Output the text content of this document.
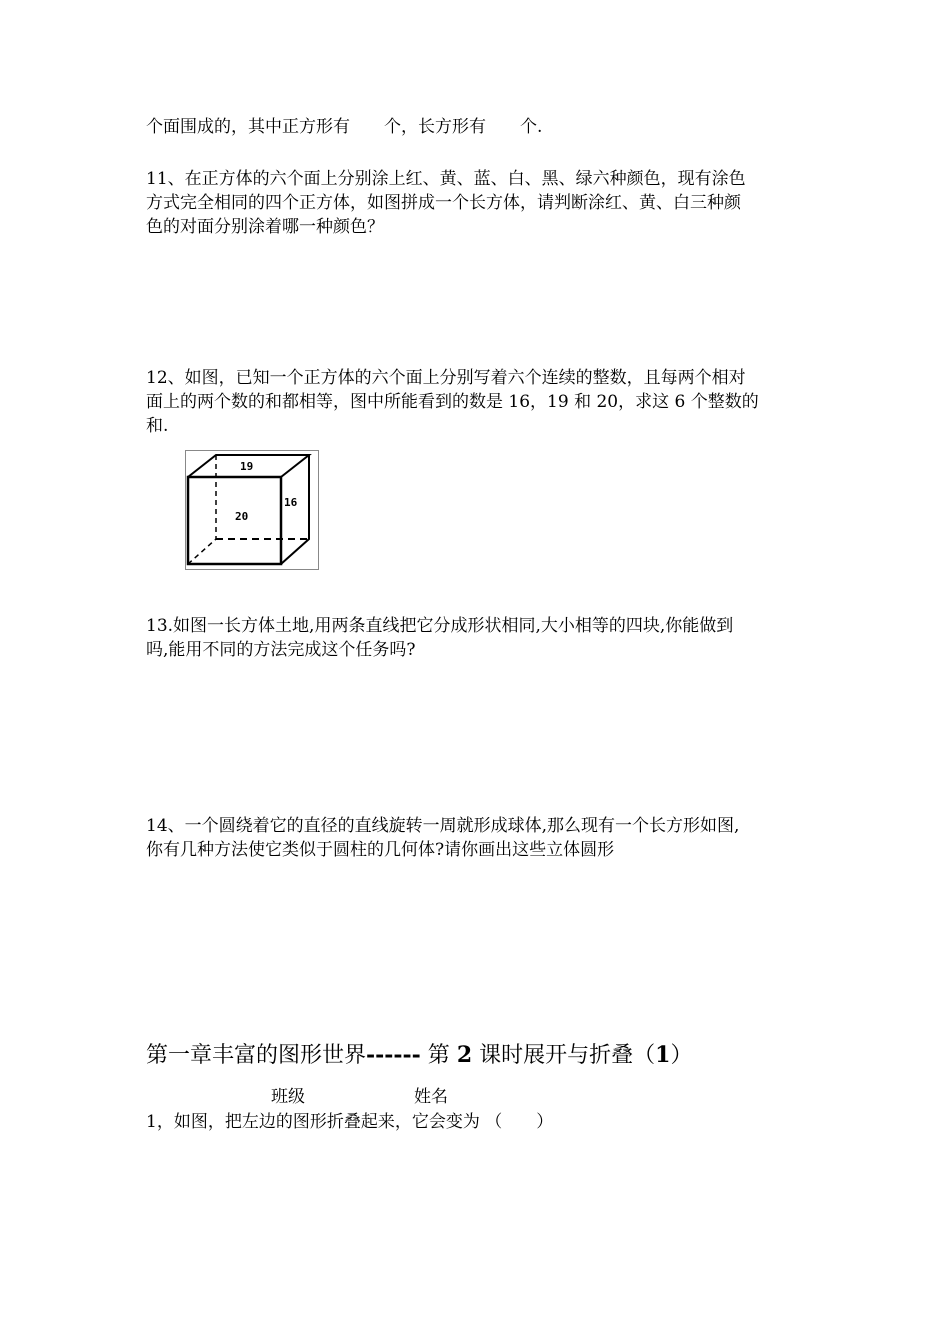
个面围成的，其中正方形有　　个，长方形有　　个.
11、在正方体的六个面上分别涂上红、黄、蓝、白、黑、绿六种颜色，现有涂色
方式完全相同的四个正方体，如图拼成一个长方体，请判断涂红、黄、白三种颜
色的对面分别涂着哪一种颜色？
12、如图，已知一个正方体的六个面上分别写着六个连续的整数，且每两个相对
面上的两个数的和都相等，图中所能看到的数是 16，19 和 20，求这 6 个整数的
和.
19
20
16
13.如图一长方体土地,用两条直线把它分成形状相同,大小相等的四块,你能做到
吗,能用不同的方法完成这个任务吗?
14、一个圆绕着它的直径的直线旋转一周就形成球体,那么现有一个长方形如图,
你有几种方法使它类似于圆柱的几何体?请你画出这些立体圆形
第一章丰富的图形世界------ 第 2 课时展开与折叠（1）
班级	姓名
1，如图，把左边的图形折叠起来，它会变为 （　　）
